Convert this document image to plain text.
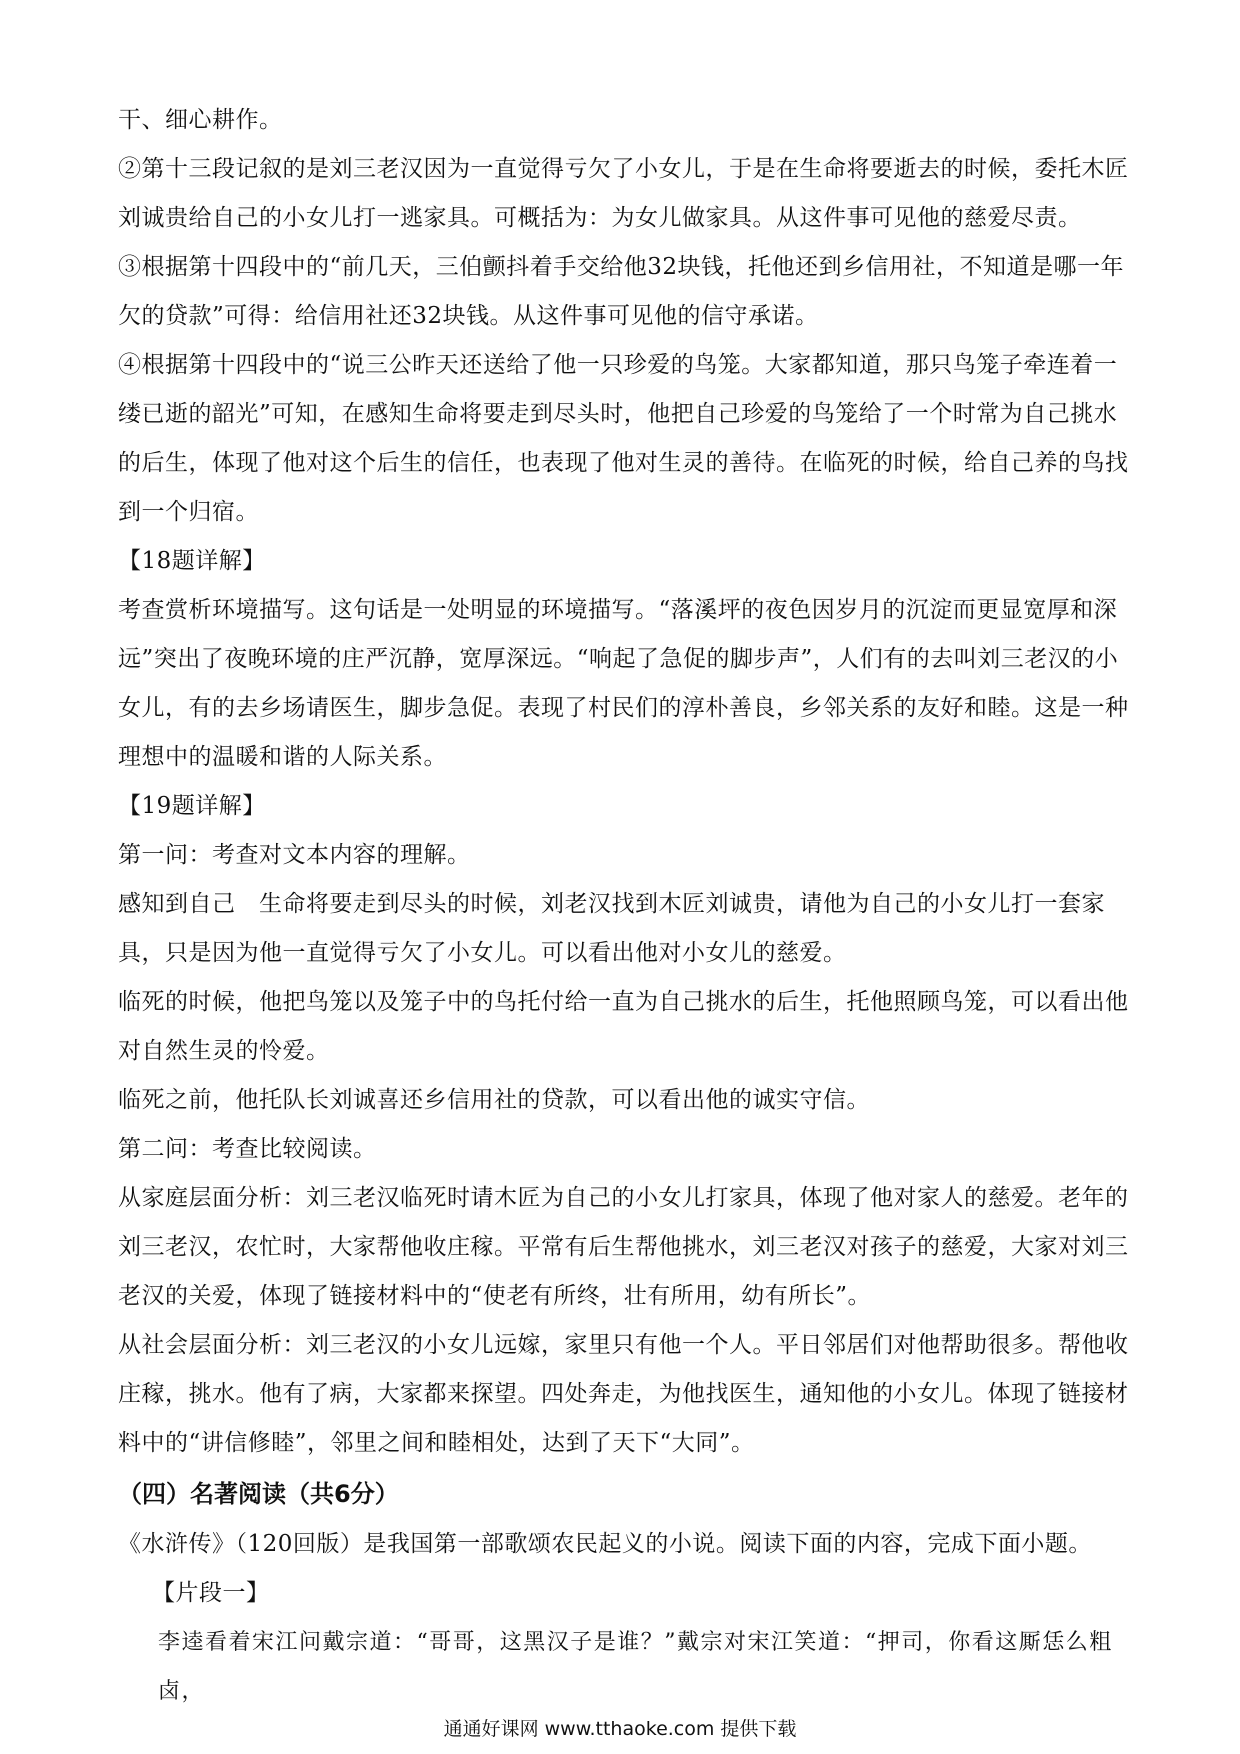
干、细心耕作。

②第十三段记叙的是刘三老汉因为一直觉得亏欠了小女儿，于是在生命将要逝去的时候，委托木匠刘诚贵给自己的小女儿打一逃家具。可概括为：为女儿做家具。从这件事可见他的慈爱尽责。

③根据第十四段中的“前几天，三伯颤抖着手交给他32块钱，托他还到乡信用社，不知道是哪一年欠的贷款”可得：给信用社还32块钱。从这件事可见他的信守承诺。

④根据第十四段中的“说三公昨天还送给了他一只珍爱的鸟笼。大家都知道，那只鸟笼子牵连着一缕已逝的韶光”可知，在感知生命将要走到尽头时，他把自己珍爱的鸟笼给了一个时常为自己挑水的后生，体现了他对这个后生的信任，也表现了他对生灵的善待。在临死的时候，给自己养的鸟找到一个归宿。

【18题详解】

考查赏析环境描写。这句话是一处明显的环境描写。“落溪坪的夜色因岁月的沉淀而更显宽厚和深远”突出了夜晚环境的庄严沉静，宽厚深远。“响起了急促的脚步声”，人们有的去叫刘三老汉的小女儿，有的去乡场请医生，脚步急促。表现了村民们的淳朴善良，乡邻关系的友好和睦。这是一种理想中的温暖和谐的人际关系。

【19题详解】

第一问：考查对文本内容的理解。

感知到自己　生命将要走到尽头的时候，刘老汉找到木匠刘诚贵，请他为自己的小女儿打一套家具，只是因为他一直觉得亏欠了小女儿。可以看出他对小女儿的慈爱。

临死的时候，他把鸟笼以及笼子中的鸟托付给一直为自己挑水的后生，托他照顾鸟笼，可以看出他对自然生灵的怜爱。

临死之前，他托队长刘诚喜还乡信用社的贷款，可以看出他的诚实守信。

第二问：考查比较阅读。

从家庭层面分析：刘三老汉临死时请木匠为自己的小女儿打家具，体现了他对家人的慈爱。老年的刘三老汉，农忙时，大家帮他收庄稼。平常有后生帮他挑水，刘三老汉对孩子的慈爱，大家对刘三老汉的关爱，体现了链接材料中的“使老有所终，壮有所用，幼有所长”。

从社会层面分析：刘三老汉的小女儿远嫁，家里只有他一个人。平日邻居们对他帮助很多。帮他收庄稼，挑水。他有了病，大家都来探望。四处奔走，为他找医生，通知他的小女儿。体现了链接材料中的“讲信修睦”，邻里之间和睦相处，达到了天下“大同”。

（四）名著阅读（共6分）

《水浒传》（120回版）是我国第一部歌颂农民起义的小说。阅读下面的内容，完成下面小题。

【片段一】

李逵看着宋江问戴宗道：“哥哥，这黑汉子是谁？”戴宗对宋江笑道：“押司，你看这厮恁么粗卤，

通通好课网 www.tthaoke.com 提供下载
